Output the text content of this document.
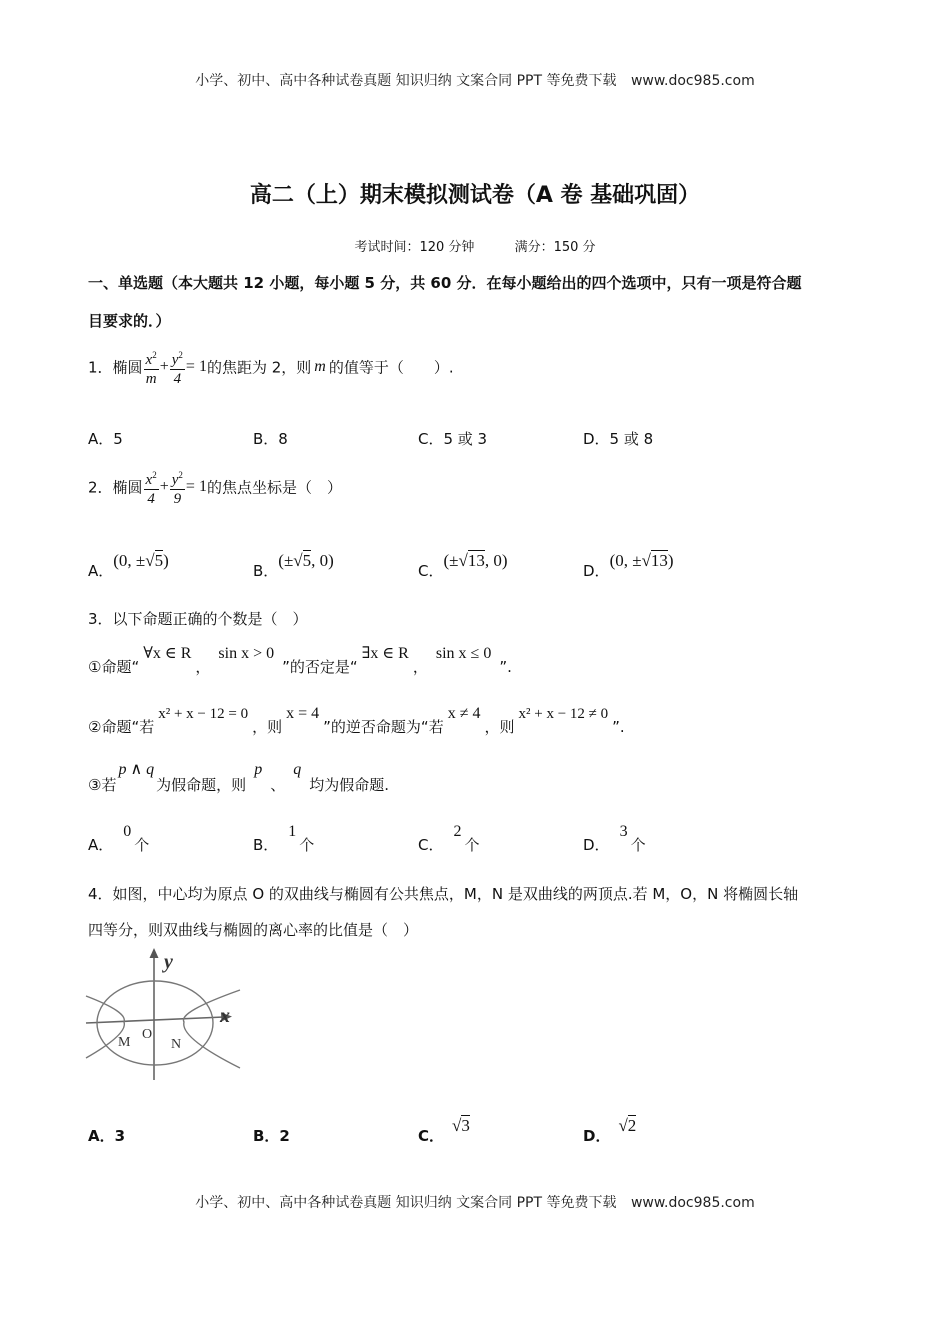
小学、初中、高中各种试卷真题 知识归纳 文案合同 PPT 等免费下载 www.doc985.com
高二（上）期末模拟测试卷（A 卷 基础巩固）
考试时间：120 分钟	满分：150 分
一、单选题（本大题共 12 小题，每小题 5 分，共 60 分．在每小题给出的四个选项中，只有一项是符合题
目要求的．）
1．椭圆 $\frac{x^2}{m} + \frac{y^2}{4} = 1$的焦距为 2，则 m 的值等于（　　）.
A．5	B．8	C．5 或 3	D．5 或 8
2．椭圆 $\frac{x^2}{4} + \frac{y^2}{9} = 1$的焦点坐标是（　）
A．(0, ±√5)
B．(±√5, 0)
C．(±√13, 0)
D．(0, ±√13)
3．以下命题正确的个数是（　）
①命题“∀x ∈ R，sin x > 0”的否定是“∃x ∈ R，sin x ≤ 0”.
②命题“若x² + x − 12 = 0，则x = 4”的逆否命题为“若x ≠ 4，则x² + x − 12 ≠ 0”.
③若p ∧ q为假命题，则p、q均为假命题.
A．0个	B．1个	C．2个	D．3个
4．如图，中心均为原点 O 的双曲线与椭圆有公共焦点，M，N 是双曲线的两顶点.若 M，O，N 将椭圆长轴
四等分，则双曲线与椭圆的离心率的比值是（　）
y
x
O
M	N
A．3	B．2	C．√3
D．√2
小学、初中、高中各种试卷真题 知识归纳 文案合同 PPT 等免费下载 www.doc985.com
